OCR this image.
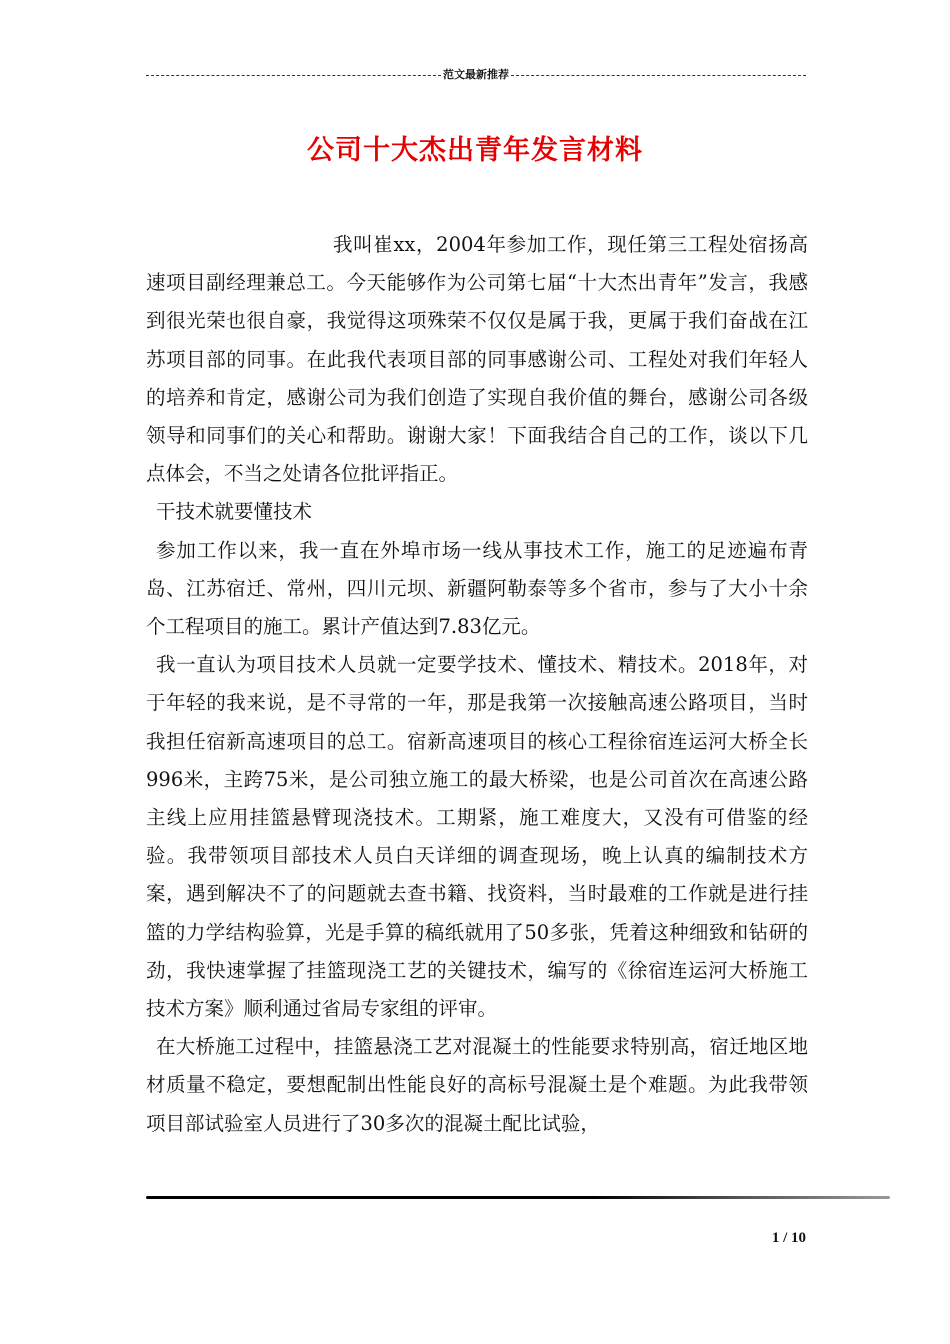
范文最新推荐
公司十大杰出青年发言材料

我叫崔xx，2004年参加工作，现任第三工程处宿扬高速项目副经理兼总工。今天能够作为公司第七届“十大杰出青年”发言，我感到很光荣也很自豪，我觉得这项殊荣不仅仅是属于我，更属于我们奋战在江苏项目部的同事。在此我代表项目部的同事感谢公司、工程处对我们年轻人的培养和肯定，感谢公司为我们创造了实现自我价值的舞台，感谢公司各级领导和同事们的关心和帮助。谢谢大家！下面我结合自己的工作，谈以下几点体会，不当之处请各位批评指正。

干技术就要懂技术

参加工作以来，我一直在外埠市场一线从事技术工作，施工的足迹遍布青岛、江苏宿迁、常州，四川元坝、新疆阿勒泰等多个省市，参与了大小十余个工程项目的施工。累计产值达到7.83亿元。

我一直认为项目技术人员就一定要学技术、懂技术、精技术。2018年，对于年轻的我来说，是不寻常的一年，那是我第一次接触高速公路项目，当时我担任宿新高速项目的总工。宿新高速项目的核心工程徐宿连运河大桥全长996米，主跨75米，是公司独立施工的最大桥梁，也是公司首次在高速公路主线上应用挂篮悬臂现浇技术。工期紧，施工难度大，又没有可借鉴的经验。我带领项目部技术人员白天详细的调查现场，晚上认真的编制技术方案，遇到解决不了的问题就去查书籍、找资料，当时最难的工作就是进行挂篮的力学结构验算，光是手算的稿纸就用了50多张，凭着这种细致和钻研的劲，我快速掌握了挂篮现浇工艺的关键技术，编写的《徐宿连运河大桥施工技术方案》顺利通过省局专家组的评审。

在大桥施工过程中，挂篮悬浇工艺对混凝土的性能要求特别高，宿迁地区地材质量不稳定，要想配制出性能良好的高标号混凝土是个难题。为此我带领项目部试验室人员进行了30多次的混凝土配比试验，

1 / 10
